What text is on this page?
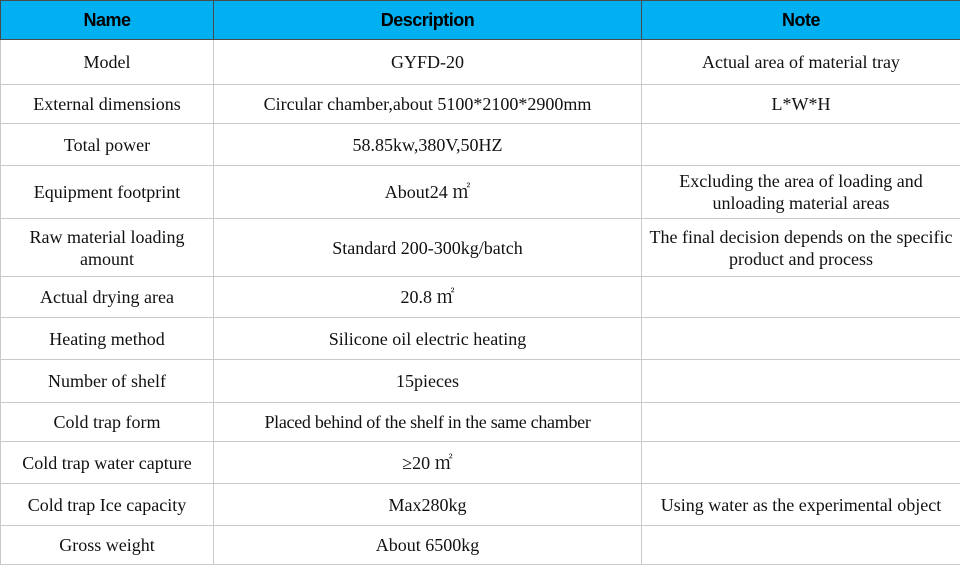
Name	Description	Note
Model	GYFD-20	Actual area of material tray
External dimensions	Circular chamber,about 5100*2100*2900mm	L*W*H
Total power	58.85kw,380V,50HZ	
Equipment footprint	About24 ㎡	Excluding the area of loading and unloading material areas
Raw material loading amount	Standard 200-300kg/batch	The final decision depends on the specific product and process
Actual drying area	20.8 ㎡	
Heating method	Silicone oil electric heating	
Number of shelf	15pieces	
Cold trap form	Placed behind of the shelf in the same chamber	
Cold trap water capture	≥20 ㎡	
Cold trap Ice capacity	Max280kg	Using water as the experimental object
Gross weight	About 6500kg	
